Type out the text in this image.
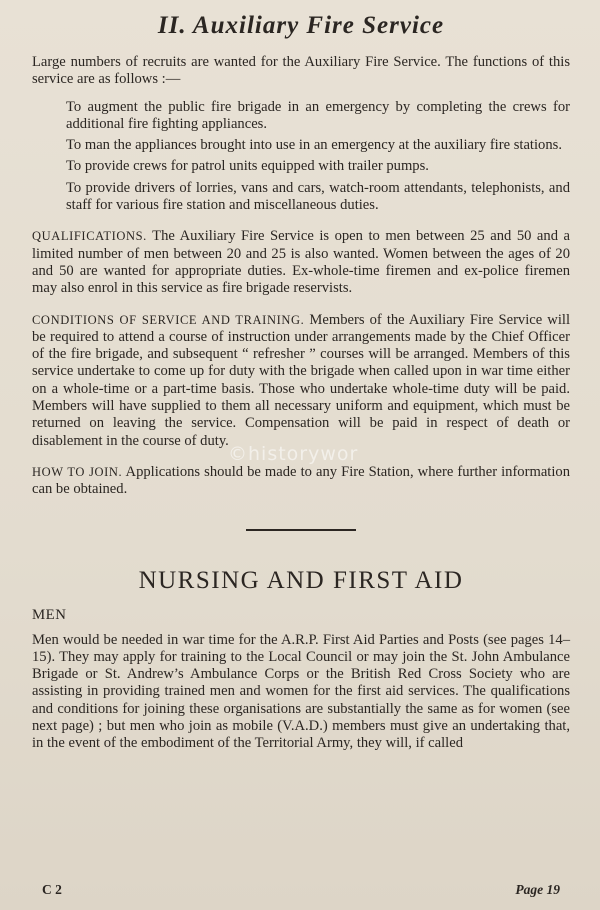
II. Auxiliary Fire Service

Large numbers of recruits are wanted for the Auxiliary Fire Service. The functions of this service are as follows :—

To augment the public fire brigade in an emergency by completing the crews for additional fire fighting appliances.
To man the appliances brought into use in an emergency at the auxiliary fire stations.
To provide crews for patrol units equipped with trailer pumps.
To provide drivers of lorries, vans and cars, watch-room attendants, telephonists, and staff for various fire station and miscellaneous duties.

QUALIFICATIONS. The Auxiliary Fire Service is open to men between 25 and 50 and a limited number of men between 20 and 25 is also wanted. Women between the ages of 20 and 50 are wanted for appropriate duties. Ex-whole-time firemen and ex-police firemen may also enrol in this service as fire brigade reservists.

CONDITIONS OF SERVICE AND TRAINING. Members of the Auxiliary Fire Service will be required to attend a course of instruction under arrangements made by the Chief Officer of the fire brigade, and subsequent “ refresher ” courses will be arranged. Members of this service undertake to come up for duty with the brigade when called upon in war time either on a whole-time or a part-time basis. Those who undertake whole-time duty will be paid. Members will have supplied to them all necessary uniform and equipment, which must be returned on leaving the service. Compensation will be paid in respect of death or disablement in the course of duty.

HOW TO JOIN. Applications should be made to any Fire Station, where further information can be obtained.

NURSING AND FIRST AID
MEN

Men would be needed in war time for the A.R.P. First Aid Parties and Posts (see pages 14–15). They may apply for training to the Local Council or may join the St. John Ambulance Brigade or St. Andrew’s Ambulance Corps or the British Red Cross Society who are assisting in providing trained men and women for the first aid services. The qualifications and conditions for joining these organisations are substantially the same as for women (see next page) ; but men who join as mobile (V.A.D.) members must give an undertaking that, in the event of the embodiment of the Territorial Army, they will, if called

©historywor
C 2	Page 19
